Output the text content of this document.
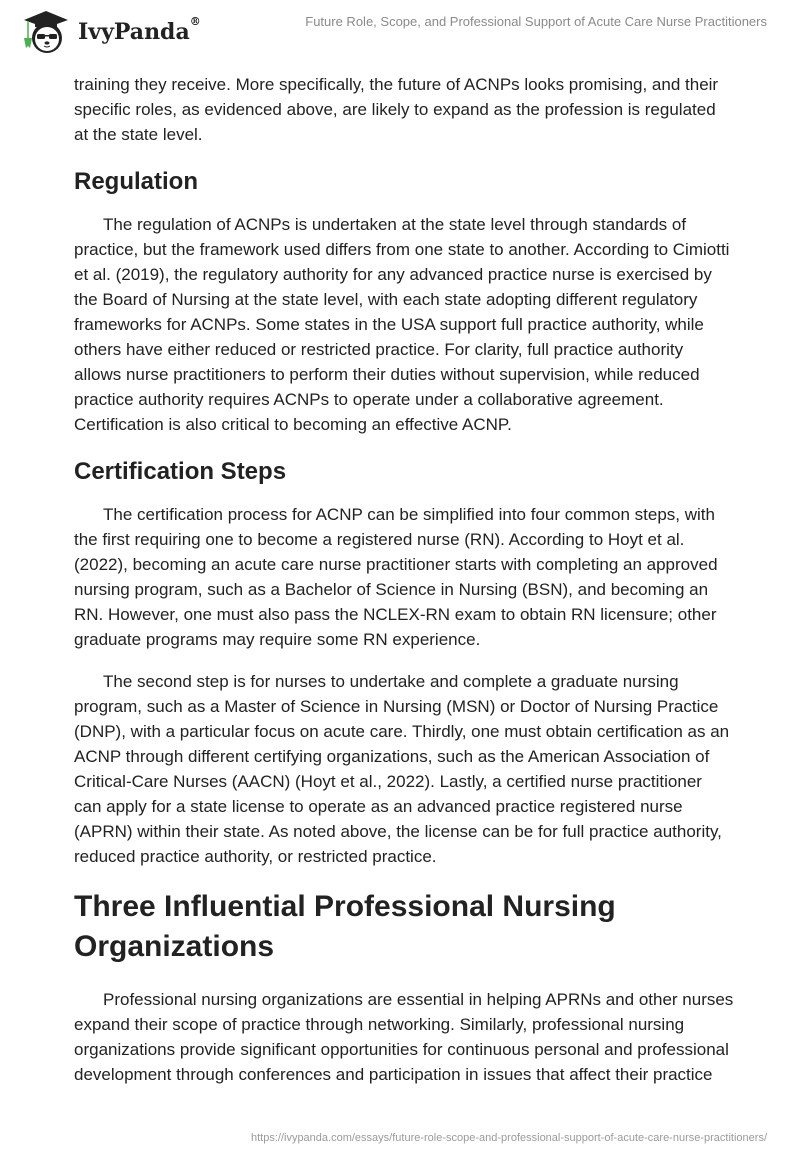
IvyPanda®	Future Role, Scope, and Professional Support of Acute Care Nurse Practitioners

training they receive. More specifically, the future of ACNPs looks promising, and their specific roles, as evidenced above, are likely to expand as the profession is regulated at the state level.

Regulation

The regulation of ACNPs is undertaken at the state level through standards of practice, but the framework used differs from one state to another. According to Cimiotti et al. (2019), the regulatory authority for any advanced practice nurse is exercised by the Board of Nursing at the state level, with each state adopting different regulatory frameworks for ACNPs. Some states in the USA support full practice authority, while others have either reduced or restricted practice. For clarity, full practice authority allows nurse practitioners to perform their duties without supervision, while reduced practice authority requires ACNPs to operate under a collaborative agreement. Certification is also critical to becoming an effective ACNP.

Certification Steps

The certification process for ACNP can be simplified into four common steps, with the first requiring one to become a registered nurse (RN). According to Hoyt et al. (2022), becoming an acute care nurse practitioner starts with completing an approved nursing program, such as a Bachelor of Science in Nursing (BSN), and becoming an RN. However, one must also pass the NCLEX-RN exam to obtain RN licensure; other graduate programs may require some RN experience.

The second step is for nurses to undertake and complete a graduate nursing program, such as a Master of Science in Nursing (MSN) or Doctor of Nursing Practice (DNP), with a particular focus on acute care. Thirdly, one must obtain certification as an ACNP through different certifying organizations, such as the American Association of Critical-Care Nurses (AACN) (Hoyt et al., 2022). Lastly, a certified nurse practitioner can apply for a state license to operate as an advanced practice registered nurse (APRN) within their state. As noted above, the license can be for full practice authority, reduced practice authority, or restricted practice.

Three Influential Professional Nursing Organizations

Professional nursing organizations are essential in helping APRNs and other nurses expand their scope of practice through networking. Similarly, professional nursing organizations provide significant opportunities for continuous personal and professional development through conferences and participation in issues that affect their practice

https://ivypanda.com/essays/future-role-scope-and-professional-support-of-acute-care-nurse-practitioners/
